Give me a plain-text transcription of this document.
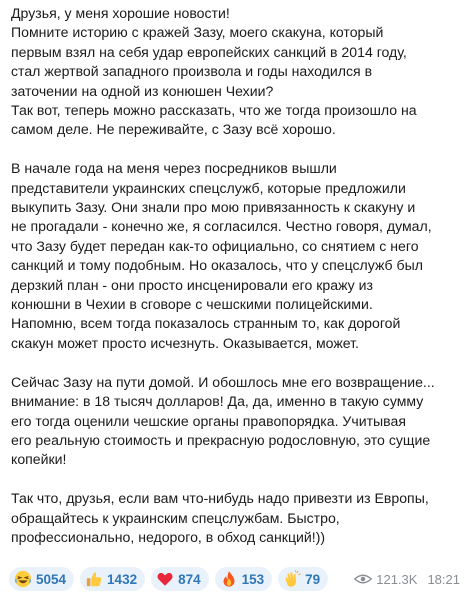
Друзья, у меня хорошие новости!
Помните историю с кражей Зазу, моего скакуна, который
первым взял на себя удар европейских санкций в 2014 году,
стал жертвой западного произвола и годы находился в
заточении на одной из конюшен Чехии?
Так вот, теперь можно рассказать, что же тогда произошло на
самом деле. Не переживайте, с Зазу всё хорошо.

В начале года на меня через посредников вышли
представители украинских спецслужб, которые предложили
выкупить Зазу. Они знали про мою привязанность к скакуну и
не прогадали - конечно же, я согласился. Честно говоря, думал,
что Зазу будет передан как-то официально, со снятием с него
санкций и тому подобным. Но оказалось, что у спецслужб был
дерзкий план - они просто инсценировали его кражу из
конюшни в Чехии в сговоре с чешскими полицейскими.
Напомню, всем тогда показалось странным то, как дорогой
скакун может просто исчезнуть. Оказывается, может.

Сейчас Зазу на пути домой. И обошлось мне его возвращение...
внимание: в 18 тысяч долларов! Да, да, именно в такую сумму
его тогда оценили чешские органы правопорядка. Учитывая
его реальную стоимость и прекрасную родословную, это сущие
копейки!

Так что, друзья, если вам что-нибудь надо привезти из Европы,
обращайтесь к украинским спецслужбам. Быстро,
профессионально, недорого, в обход санкций!))

5054	1432	874	153	79	121.3K 18:21
